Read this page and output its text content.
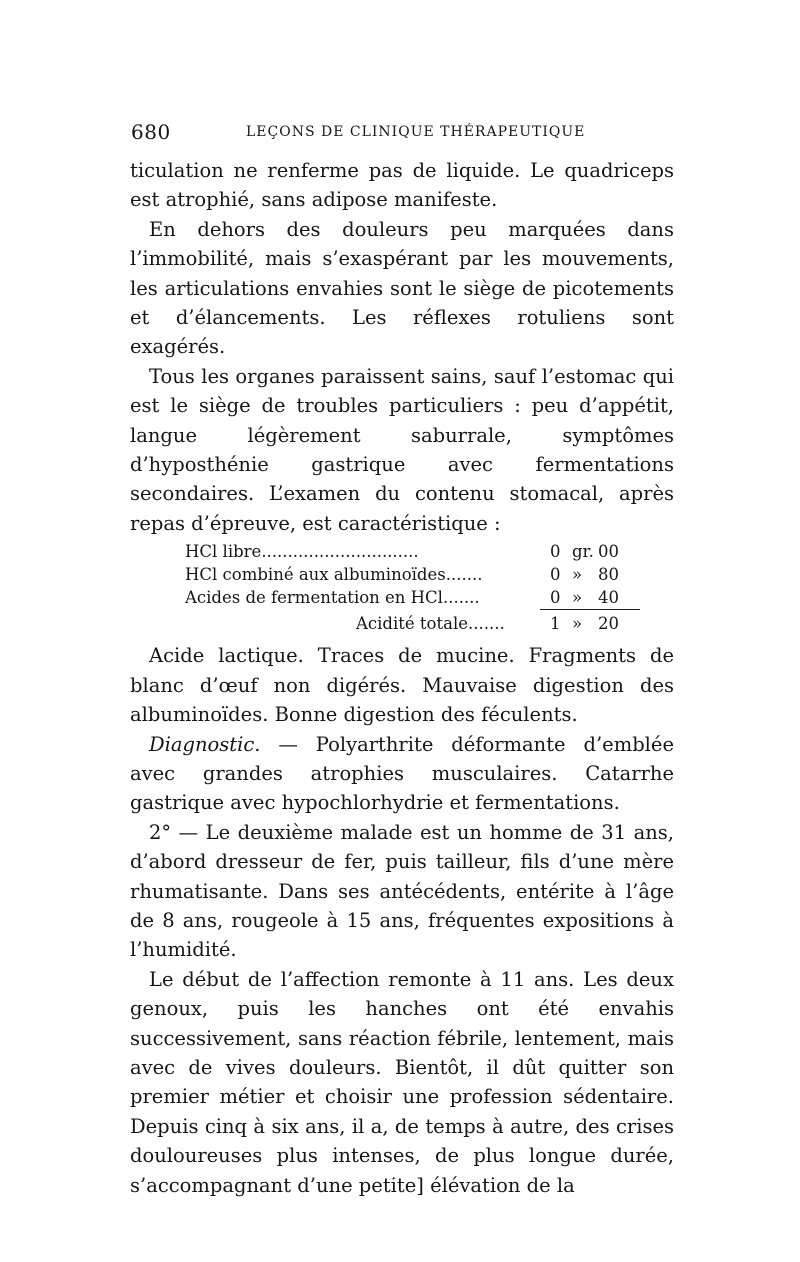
680	LEÇONS DE CLINIQUE THÉRAPEUTIQUE

ticulation ne renferme pas de liquide. Le quadriceps est atrophié, sans adipose manifeste.

En dehors des douleurs peu marquées dans l’immobilité, mais s’exaspérant par les mouvements, les articulations envahies sont le siège de picotements et d’élancements. Les réflexes rotuliens sont exagérés.

Tous les organes paraissent sains, sauf l’estomac qui est le siège de troubles particuliers : peu d’appétit, langue légèrement saburrale, symptômes d’hyposthénie gastrique avec fermentations secondaires. L’examen du contenu stomacal, après repas d’épreuve, est caractéristique :

HCl libre..............................	0 gr. 00
HCl combiné aux albuminoïdes.......	0 » 80
Acides de fermentation en HCl.......	0 » 40
Acidité totale.......	1 » 20

Acide lactique. Traces de mucine. Fragments de blanc d’œuf non digérés. Mauvaise digestion des albuminoïdes. Bonne digestion des féculents.

Diagnostic. — Polyarthrite déformante d’emblée avec grandes atrophies musculaires. Catarrhe gastrique avec hypochlorhydrie et fermentations.

2° — Le deuxième malade est un homme de 31 ans, d’abord dresseur de fer, puis tailleur, fils d’une mère rhumatisante. Dans ses antécédents, entérite à l’âge de 8 ans, rougeole à 15 ans, fréquentes expositions à l’humidité.

Le début de l’affection remonte à 11 ans. Les deux genoux, puis les hanches ont été envahis successivement, sans réaction fébrile, lentement, mais avec de vives douleurs. Bientôt, il dût quitter son premier métier et choisir une profession sédentaire. Depuis cinq à six ans, il a, de temps à autre, des crises douloureuses plus intenses, de plus longue durée, s’accompagnant d’une petite] élévation de la
